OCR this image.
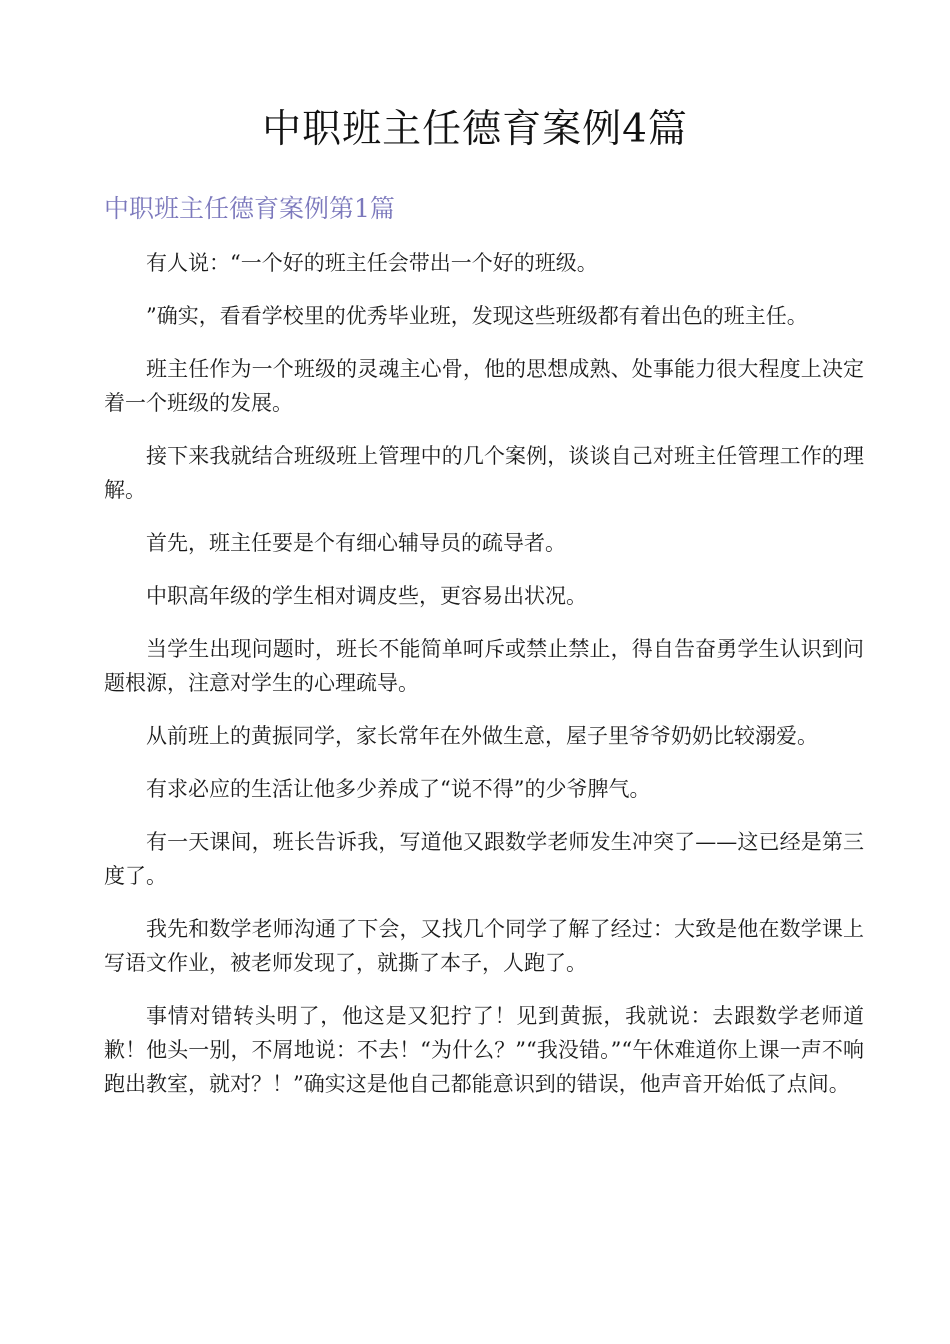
中职班主任德育案例4篇
中职班主任德育案例第1篇

有人说：“一个好的班主任会带出一个好的班级。

”确实，看看学校里的优秀毕业班，发现这些班级都有着出色的班主任。

班主任作为一个班级的灵魂主心骨，他的思想成熟、处事能力很大程度上决定着一个班级的发展。

接下来我就结合班级班上管理中的几个案例，谈谈自己对班主任管理工作的理解。

首先，班主任要是个有细心辅导员的疏导者。

中职高年级的学生相对调皮些，更容易出状况。

当学生出现问题时，班长不能简单呵斥或禁止禁止，得自告奋勇学生认识到问题根源，注意对学生的心理疏导。

从前班上的黄振同学，家长常年在外做生意，屋子里爷爷奶奶比较溺爱。

有求必应的生活让他多少养成了“说不得”的少爷脾气。

有一天课间，班长告诉我，写道他又跟数学老师发生冲突了——这已经是第三度了。

我先和数学老师沟通了下会，又找几个同学了解了经过：大致是他在数学课上写语文作业，被老师发现了，就撕了本子，人跑了。

事情对错转头明了，他这是又犯拧了！见到黄振，我就说：去跟数学老师道歉！他头一别，不屑地说：不去！“为什么？”“我没错。”“午休难道你上课一声不响跑出教室，就对？！”确实这是他自己都能意识到的错误，他声音开始低了点间。
